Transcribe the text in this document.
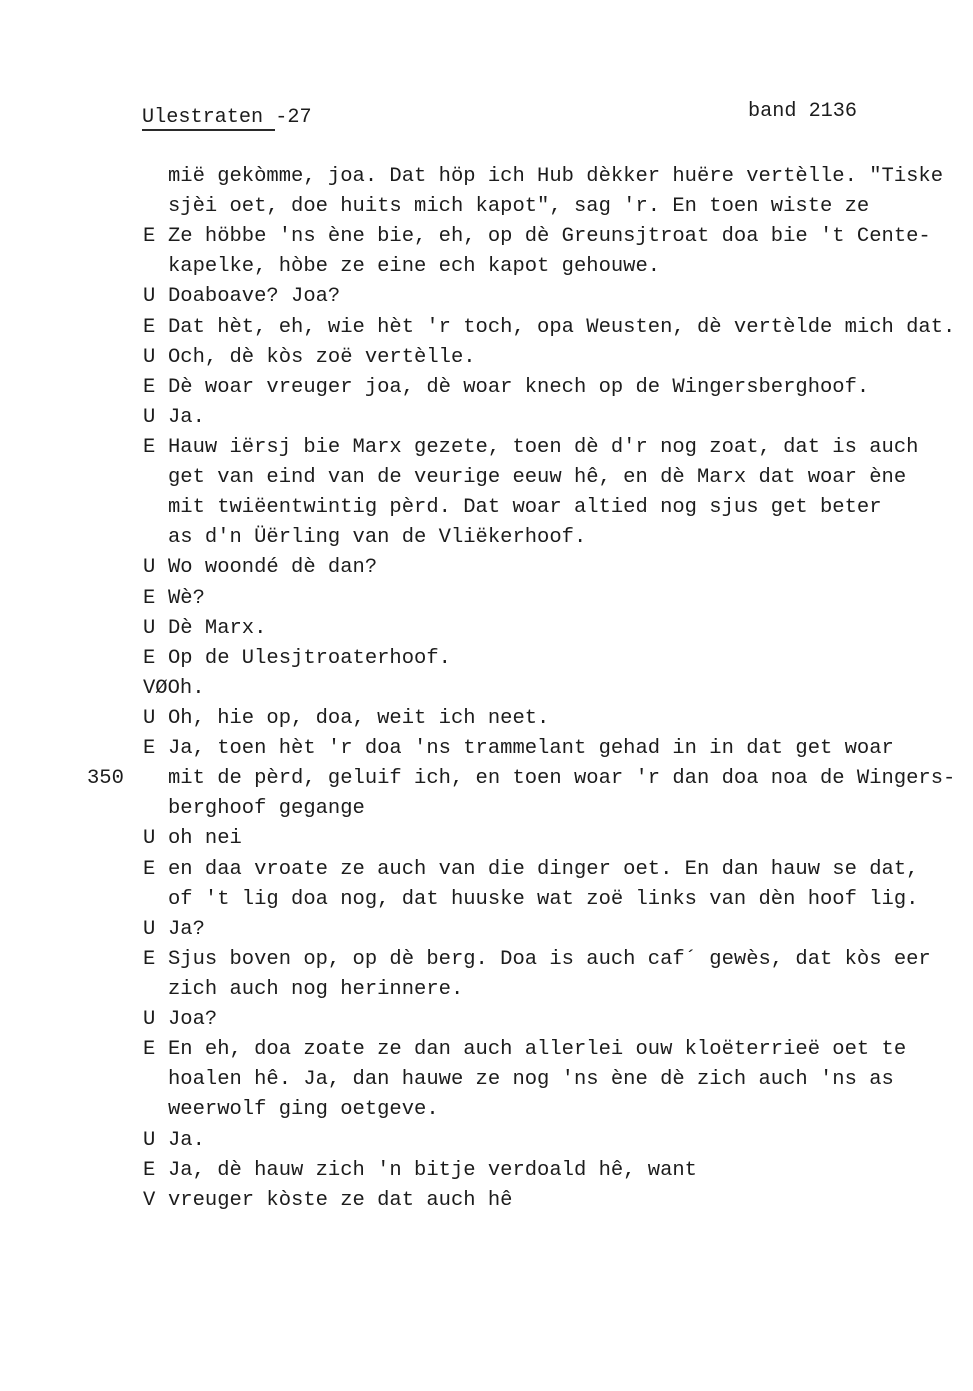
Ulestraten -27	band 2136
mië gekòmme, joa. Dat höp ich Hub dèkker huëre vertèlle. "Tiske
sjèi oet, doe huits mich kapot", sag 'r. En toen wiste ze
E Ze höbbe 'ns ène bie, eh, op dè Greunsjtroat doa bie 't Cente-
kapelke, hòbe ze eine ech kapot gehouwe.
U Doaboave? Joa?
E Dat hèt, eh, wie hèt 'r toch, opa Weusten, dè vertèlde mich dat.
U Och, dè kòs zoë vertèlle.
E Dè woar vreuger joa, dè woar knech op de Wingersberghoof.
U Ja.
E Hauw iërsj bie Marx gezete, toen dè d'r nog zoat, dat is auch
get van eind van de veurige eeuw hê, en dè Marx dat woar ène
mit twiëentwintig pèrd. Dat woar altied nog sjus get beter
as d'n Üërling van de Vliëkerhoof.
U Wo woondé dè dan?
E Wè?
U Dè Marx.
E Op de Ulesjtroaterhoof.
VØOh.
U Oh, hie op, doa, weit ich neet.
E Ja, toen hèt 'r doa 'ns trammelant gehad in in dat get woar
350 mit de pèrd, geluif ich, en toen woar 'r dan doa noa de Wingers-
berghoof gegange
U oh nei
E en daa vroate ze auch van die dinger oet. En dan hauw se dat,
of 't lig doa nog, dat huuske wat zoë links van dèn hoof lig.
U Ja?
E Sjus boven op, op dè berg. Doa is auch caf´ gewès, dat kòs eer
zich auch nog herinnere.
U Joa?
E En eh, doa zoate ze dan auch allerlei ouw kloëterrieë oet te
hoalen hê. Ja, dan hauwe ze nog 'ns ène dè zich auch 'ns as
weerwolf ging oetgeve.
U Ja.
E Ja, dè hauw zich 'n bitje verdoald hê, want
V vreuger kòste ze dat auch hê
